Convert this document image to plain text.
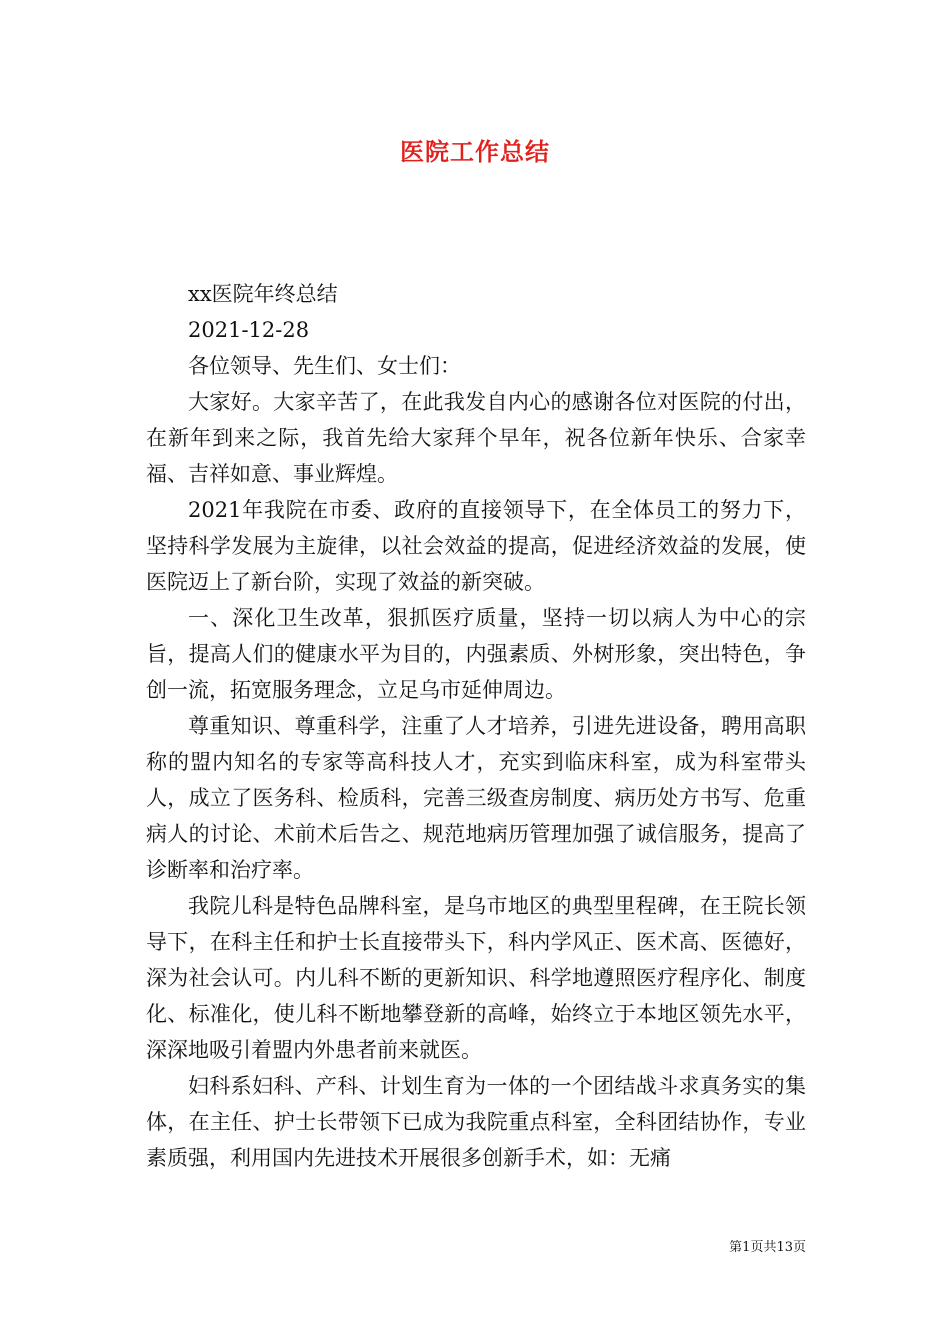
医院工作总结

xx医院年终总结

2021-12-28

各位领导、先生们、女士们：

大家好。大家辛苦了，在此我发自内心的感谢各位对医院的付出，在新年到来之际，我首先给大家拜个早年，祝各位新年快乐、合家幸福、吉祥如意、事业辉煌。

2021年我院在市委、政府的直接领导下，在全体员工的努力下，坚持科学发展为主旋律，以社会效益的提高，促进经济效益的发展，使医院迈上了新台阶，实现了效益的新突破。

一、深化卫生改革，狠抓医疗质量，坚持一切以病人为中心的宗旨，提高人们的健康水平为目的，内强素质、外树形象，突出特色，争创一流，拓宽服务理念，立足乌市延伸周边。

尊重知识、尊重科学，注重了人才培养，引进先进设备，聘用高职称的盟内知名的专家等高科技人才，充实到临床科室，成为科室带头人，成立了医务科、检质科，完善三级查房制度、病历处方书写、危重病人的讨论、术前术后告之、规范地病历管理加强了诚信服务，提高了诊断率和治疗率。

我院儿科是特色品牌科室，是乌市地区的典型里程碑，在王院长领导下，在科主任和护士长直接带头下，科内学风正、医术高、医德好，深为社会认可。内儿科不断的更新知识、科学地遵照医疗程序化、制度化、标准化，使儿科不断地攀登新的高峰，始终立于本地区领先水平，深深地吸引着盟内外患者前来就医。

妇科系妇科、产科、计划生育为一体的一个团结战斗求真务实的集体，在主任、护士长带领下已成为我院重点科室，全科团结协作，专业素质强，利用国内先进技术开展很多创新手术，如：无痛

第1页共13页
